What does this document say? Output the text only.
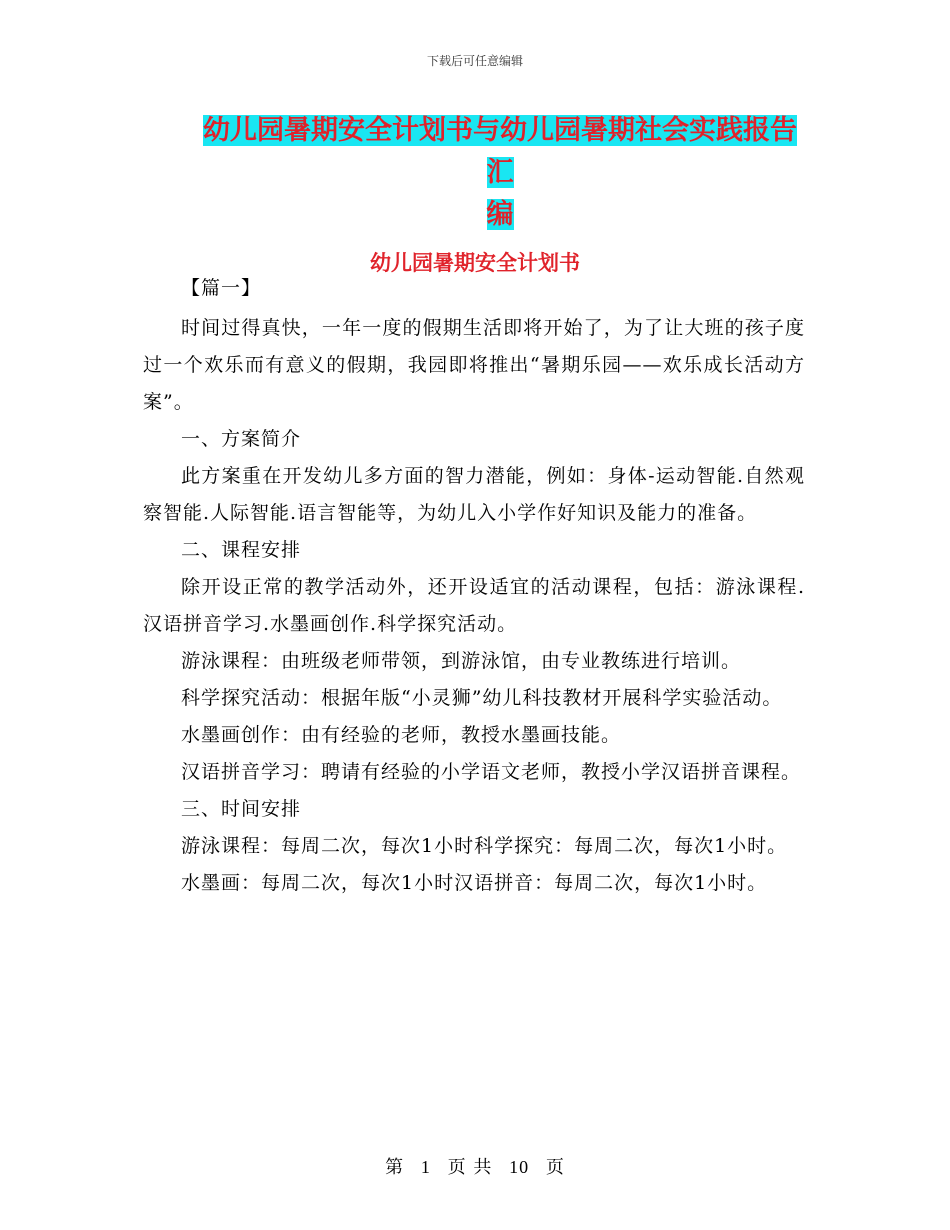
下载后可任意编辑
幼儿园暑期安全计划书与幼儿园暑期社会实践报告汇
编
幼儿园暑期安全计划书

【篇一】

时间过得真快，一年一度的假期生活即将开始了，为了让大班的孩子度过一个欢乐而有意义的假期，我园即将推出“暑期乐园——欢乐成长活动方案”。

一、方案简介

此方案重在开发幼儿多方面的智力潜能，例如：身体-运动智能.自然观察智能.人际智能.语言智能等，为幼儿入小学作好知识及能力的准备。

二、课程安排

除开设正常的教学活动外，还开设适宜的活动课程，包括：游泳课程.汉语拼音学习.水墨画创作.科学探究活动。

游泳课程：由班级老师带领，到游泳馆，由专业教练进行培训。

科学探究活动：根据年版“小灵狮”幼儿科技教材开展科学实验活动。

水墨画创作：由有经验的老师，教授水墨画技能。

汉语拼音学习：聘请有经验的小学语文老师，教授小学汉语拼音课程。

三、时间安排

游泳课程：每周二次，每次1小时科学探究：每周二次，每次1小时。

水墨画：每周二次，每次1小时汉语拼音：每周二次，每次1小时。

第 1 页 共 10 页
